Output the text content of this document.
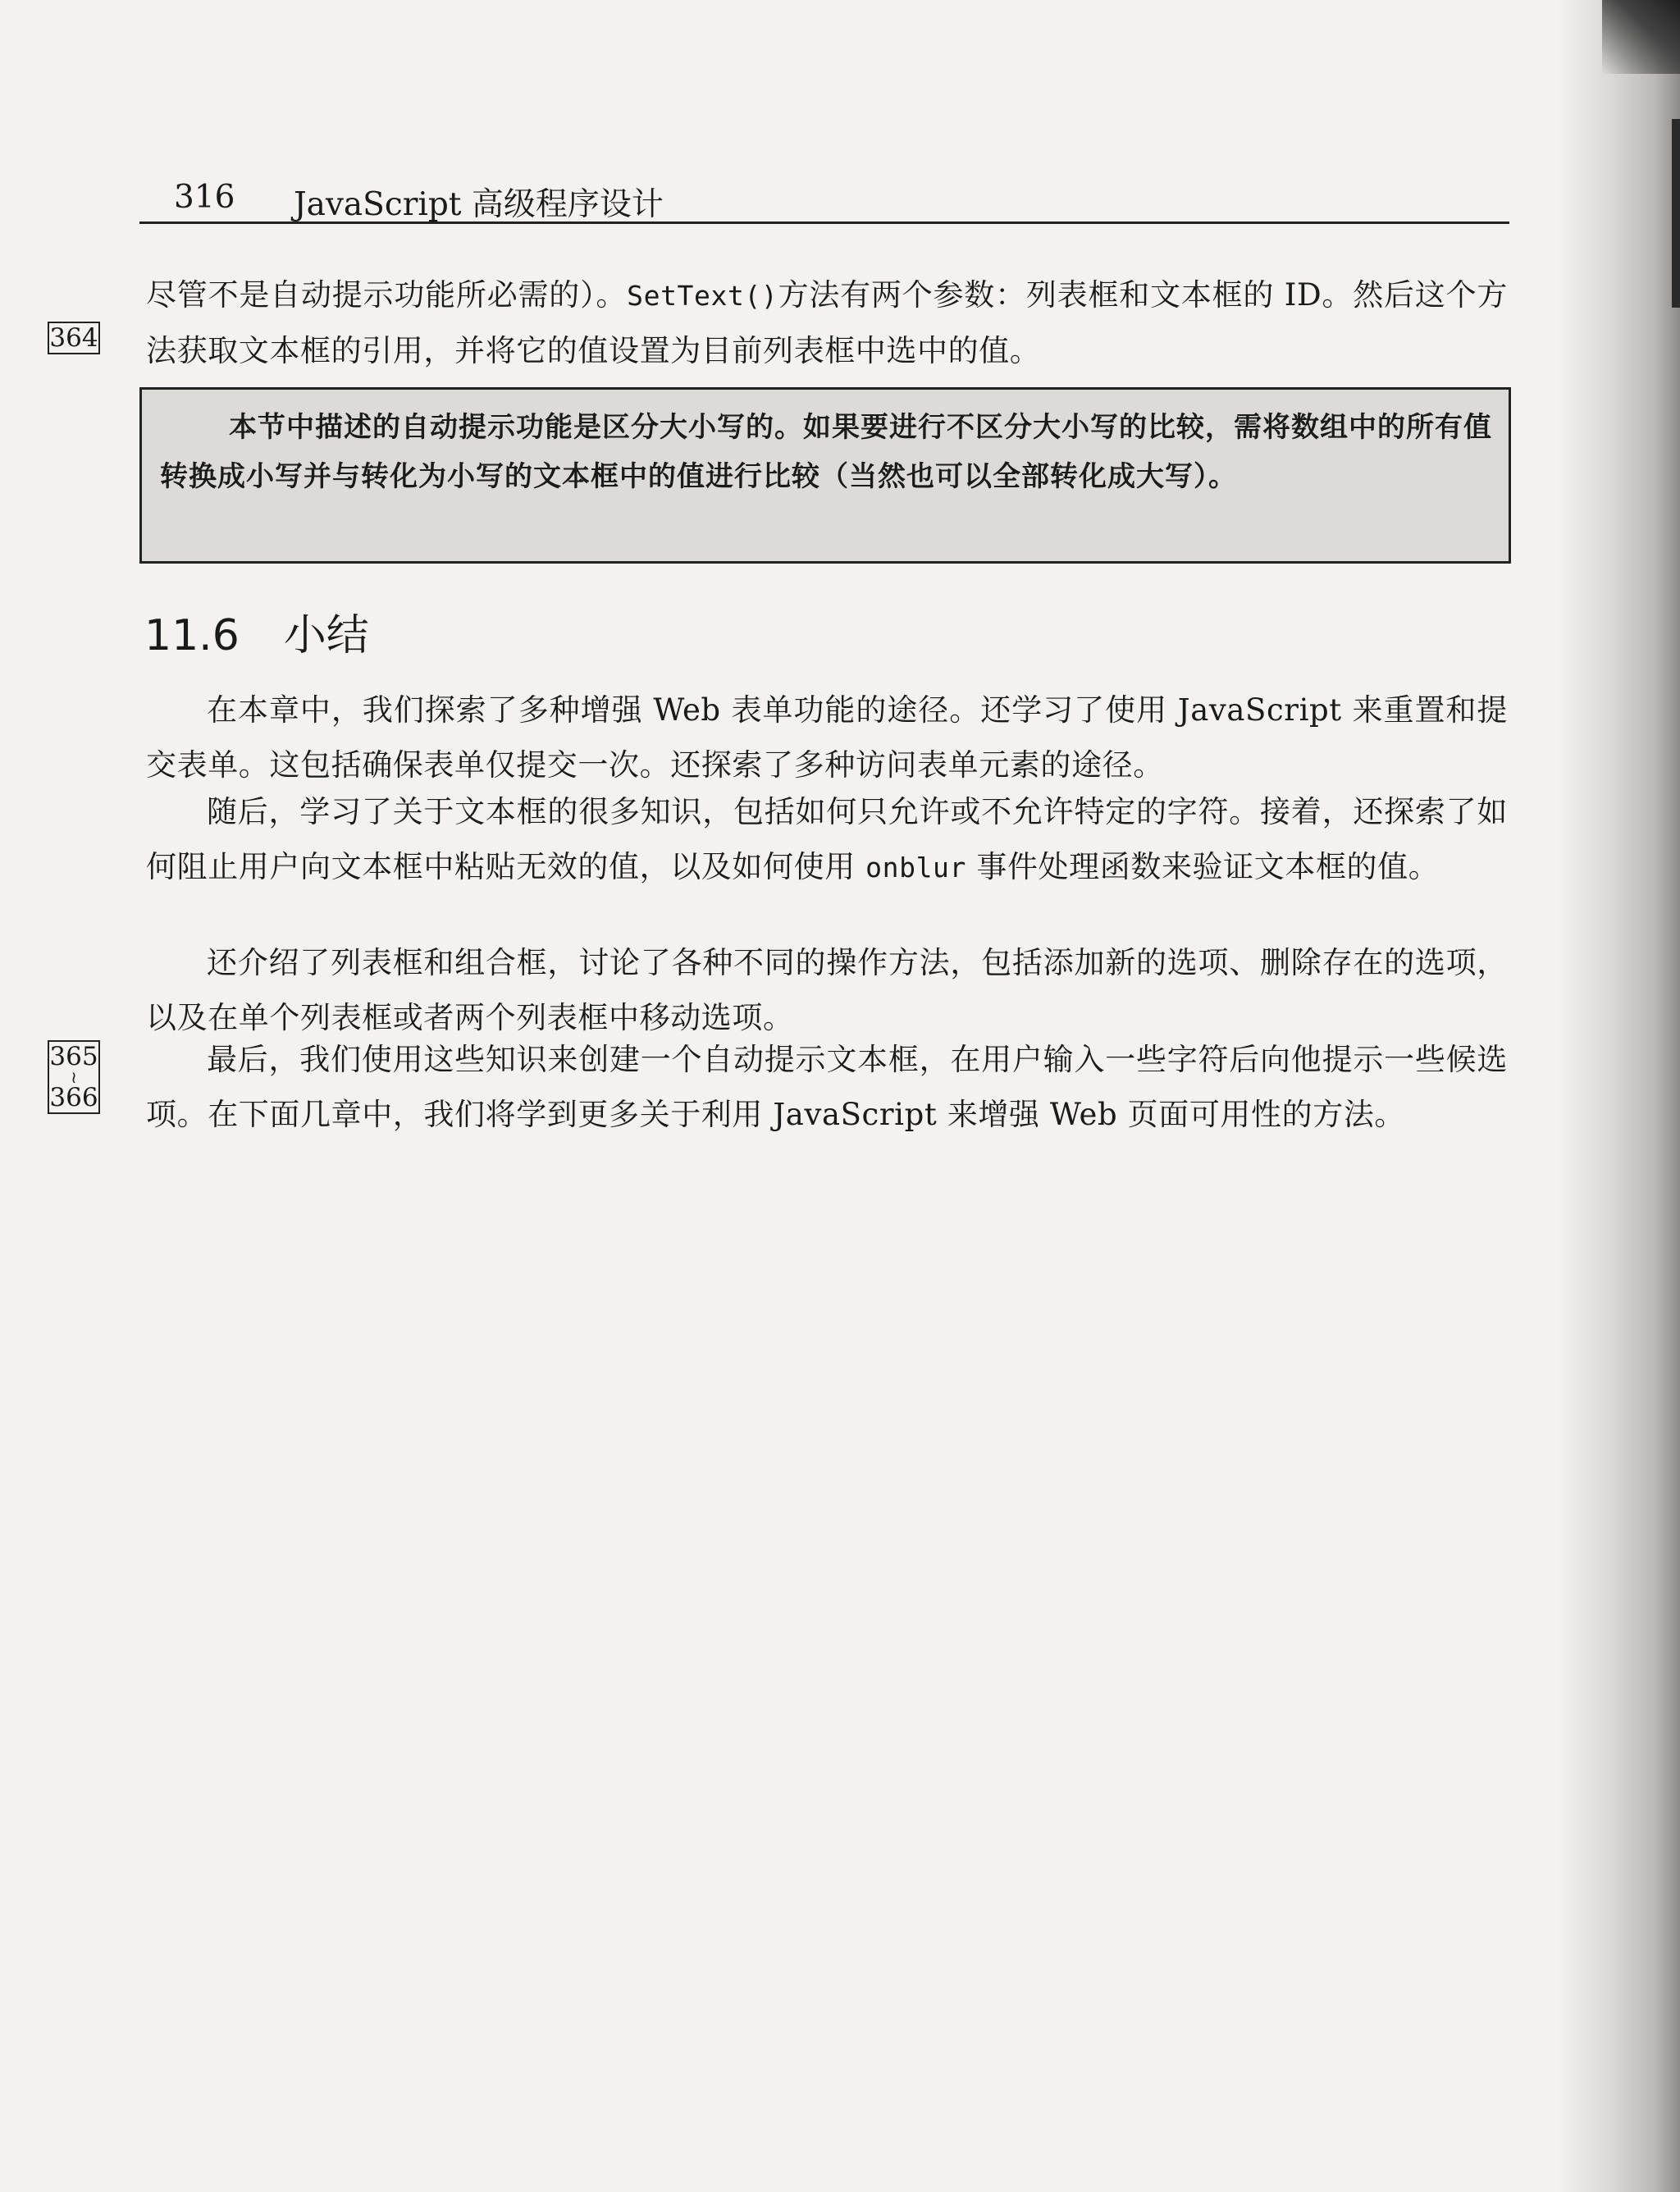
316 JavaScript 高级程序设计

尽管不是自动提示功能所必需的）。SetText()方法有两个参数：列表框和文本框的 ID。然后这个方法获取文本框的引用，并将它的值设置为目前列表框中选中的值。

364

本节中描述的自动提示功能是区分大小写的。如果要进行不区分大小写的比较，需将数组中的所有值转换成小写并与转化为小写的文本框中的值进行比较（当然也可以全部转化成大写）。

11.6 小结

在本章中，我们探索了多种增强 Web 表单功能的途径。还学习了使用 JavaScript 来重置和提交表单。这包括确保表单仅提交一次。还探索了多种访问表单元素的途径。

随后，学习了关于文本框的很多知识，包括如何只允许或不允许特定的字符。接着，还探索了如何阻止用户向文本框中粘贴无效的值，以及如何使用 onblur 事件处理函数来验证文本框的值。

还介绍了列表框和组合框，讨论了各种不同的操作方法，包括添加新的选项、删除存在的选项，以及在单个列表框或者两个列表框中移动选项。

最后，我们使用这些知识来创建一个自动提示文本框，在用户输入一些字符后向他提示一些候选项。在下面几章中，我们将学到更多关于利用 JavaScript 来增强 Web 页面可用性的方法。

365
≀
366
